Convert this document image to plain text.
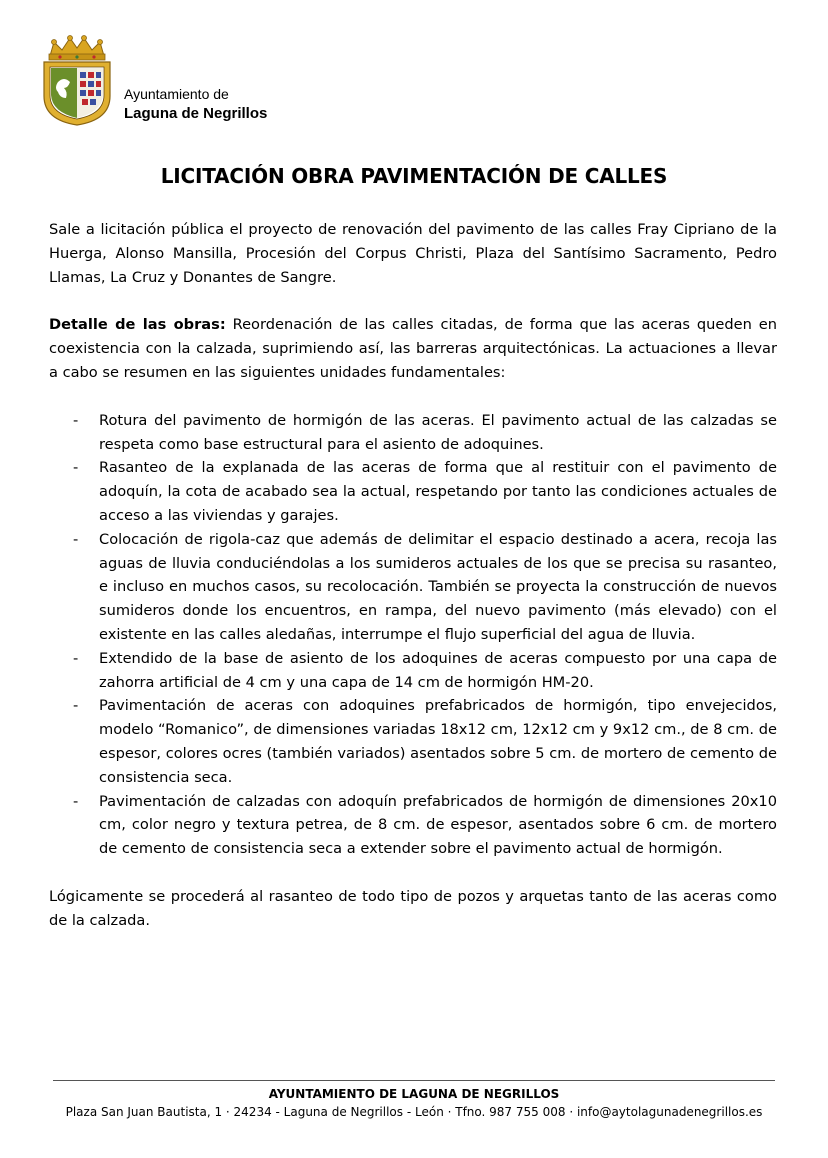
Ayuntamiento de
Laguna de Negrillos
LICITACIÓN OBRA PAVIMENTACIÓN DE CALLES

Sale a licitación pública el proyecto de renovación del pavimento de las calles Fray Cipriano de la Huerga, Alonso Mansilla, Procesión del Corpus Christi, Plaza del Santísimo Sacramento, Pedro Llamas, La Cruz y Donantes de Sangre.

Detalle de las obras: Reordenación de las calles citadas, de forma que las aceras queden en coexistencia con la calzada, suprimiendo así, las barreras arquitectónicas. La actuaciones a llevar a cabo se resumen en las siguientes unidades fundamentales:

- Rotura del pavimento de hormigón de las aceras. El pavimento actual de las calzadas se respeta como base estructural para el asiento de adoquines.
- Rasanteo de la explanada de las aceras de forma que al restituir con el pavimento de adoquín, la cota de acabado sea la actual, respetando por tanto las condiciones actuales de acceso a las viviendas y garajes.
- Colocación de rigola-caz que además de delimitar el espacio destinado a acera, recoja las aguas de lluvia conduciéndolas a los sumideros actuales de los que se precisa su rasanteo, e incluso en muchos casos, su recolocación. También se proyecta la construcción de nuevos sumideros donde los encuentros, en rampa, del nuevo pavimento (más elevado) con el existente en las calles aledañas, interrumpe el flujo superficial del agua de lluvia.
- Extendido de la base de asiento de los adoquines de aceras compuesto por una capa de zahorra artificial de 4 cm y una capa de 14 cm de hormigón HM-20.
- Pavimentación de aceras con adoquines prefabricados de hormigón, tipo envejecidos, modelo “Romanico”, de dimensiones variadas 18x12 cm, 12x12 cm y 9x12 cm., de 8 cm. de espesor, colores ocres (también variados) asentados sobre 5 cm. de mortero de cemento de consistencia seca.
- Pavimentación de calzadas con adoquín prefabricados de hormigón de dimensiones 20x10 cm, color negro y textura petrea, de 8 cm. de espesor, asentados sobre 6 cm. de mortero de cemento de consistencia seca a extender sobre el pavimento actual de hormigón.

Lógicamente se procederá al rasanteo de todo tipo de pozos y arquetas tanto de las aceras como de la calzada.

AYUNTAMIENTO DE LAGUNA DE NEGRILLOS
Plaza San Juan Bautista, 1 · 24234 - Laguna de Negrillos - León · Tfno. 987 755 008 · info@aytolagunadenegrillos.es
